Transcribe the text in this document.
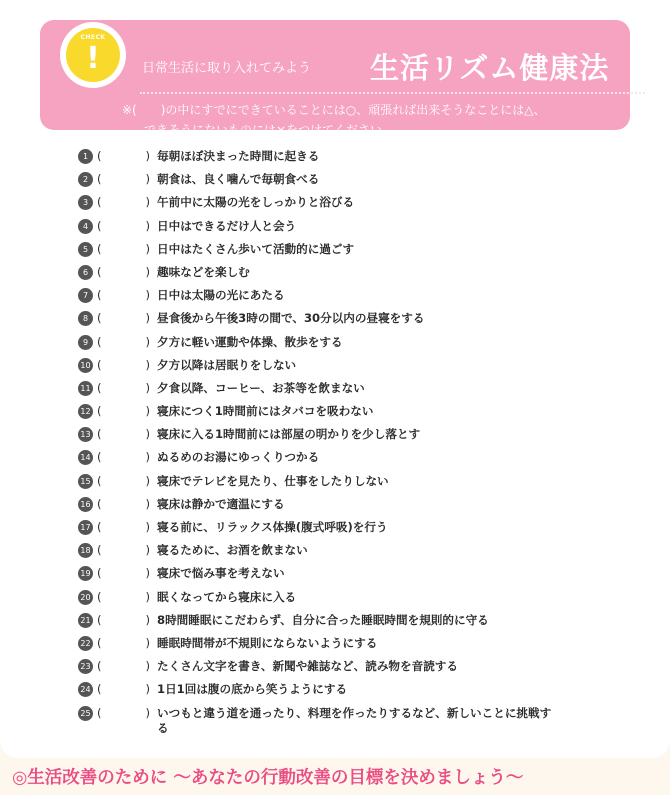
CHECK
!	日常生活に取り入れてみよう 生活リズム健康法
※(　　)の中にすでにできていることには○、頑張れば出来そうなことには△、
できそうにないものには×をつけてください。
1 (	) 毎朝ほぼ決まった時間に起きる
2 (	) 朝食は、良く噛んで毎朝食べる
3 (	) 午前中に太陽の光をしっかりと浴びる
4 (	) 日中はできるだけ人と会う
5 (	) 日中はたくさん歩いて活動的に過ごす
6 (	) 趣味などを楽しむ
7 (	) 日中は太陽の光にあたる
8 (	) 昼食後から午後3時の間で、30分以内の昼寝をする
9 (	) 夕方に軽い運動や体操、散歩をする
10 (	) 夕方以降は居眠りをしない
11 (	) 夕食以降、コーヒー、お茶等を飲まない
12 (	) 寝床につく1時間前にはタバコを吸わない
13 (	) 寝床に入る1時間前には部屋の明かりを少し落とす
14 (	) ぬるめのお湯にゆっくりつかる
15 (	) 寝床でテレビを見たり、仕事をしたりしない
16 (	) 寝床は静かで適温にする
17 (	) 寝る前に、リラックス体操(腹式呼吸)を行う
18 (	) 寝るために、お酒を飲まない
19 (	) 寝床で悩み事を考えない
20 (	) 眠くなってから寝床に入る
21 (	) 8時間睡眠にこだわらず、自分に合った睡眠時間を規則的に守る
22 (	) 睡眠時間帯が不規則にならないようにする
23 (	) たくさん文字を書き、新聞や雑誌など、読み物を音読する
24 (	) 1日1回は腹の底から笑うようにする
25 (	) いつもと違う道を通ったり、料理を作ったりするなど、新しいことに挑戦する
◎生活改善のために ～あなたの行動改善の目標を決めましょう～
